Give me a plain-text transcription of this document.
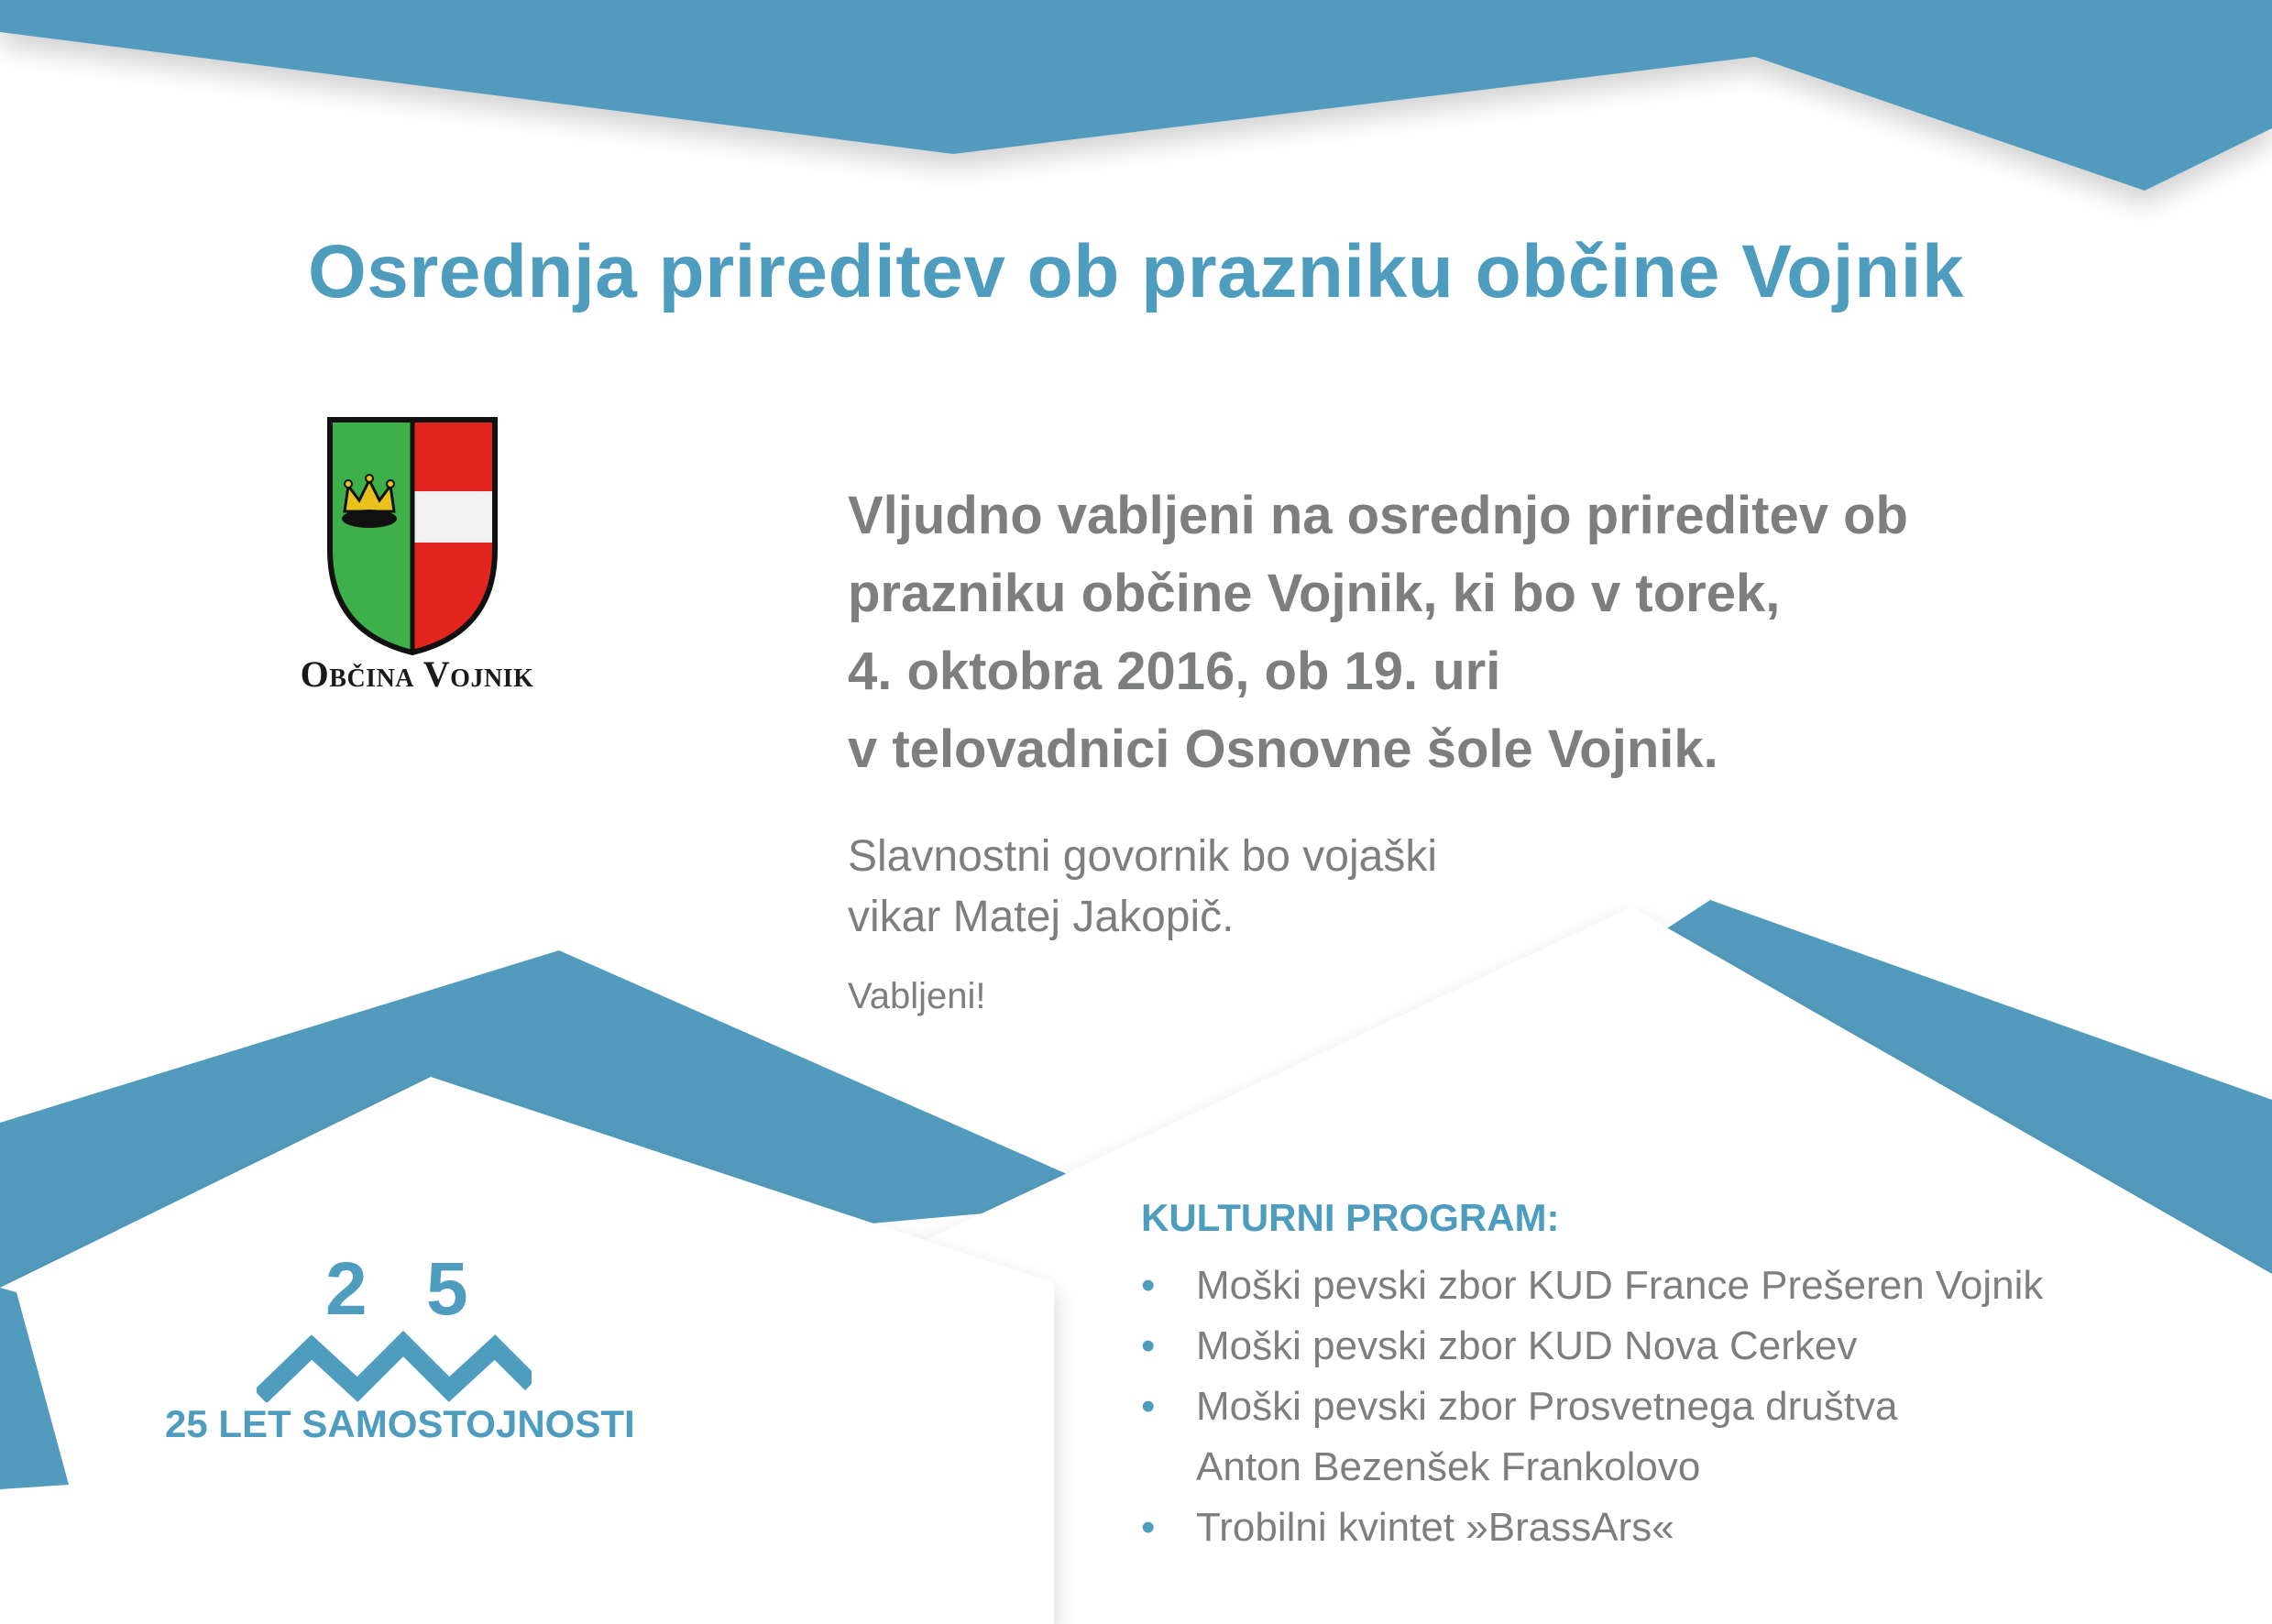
Osrednja prireditev ob prazniku občine Vojnik
Občina Vojnik
Vljudno vabljeni na osrednjo prireditev ob
prazniku občine Vojnik, ki bo v torek,
4. oktobra 2016, ob 19. uri
v telovadnici Osnovne šole Vojnik.
Slavnostni govornik bo vojaški
vikar Matej Jakopič.
Vabljeni!
KULTURNI PROGRAM:
• Moški pevski zbor KUD France Prešeren Vojnik
• Moški pevski zbor KUD Nova Cerkev
• Moški pevski zbor Prosvetnega društva
Anton Bezenšek Frankolovo
• Trobilni kvintet »BrassArs«
2 5
25 LET SAMOSTOJNOSTI
